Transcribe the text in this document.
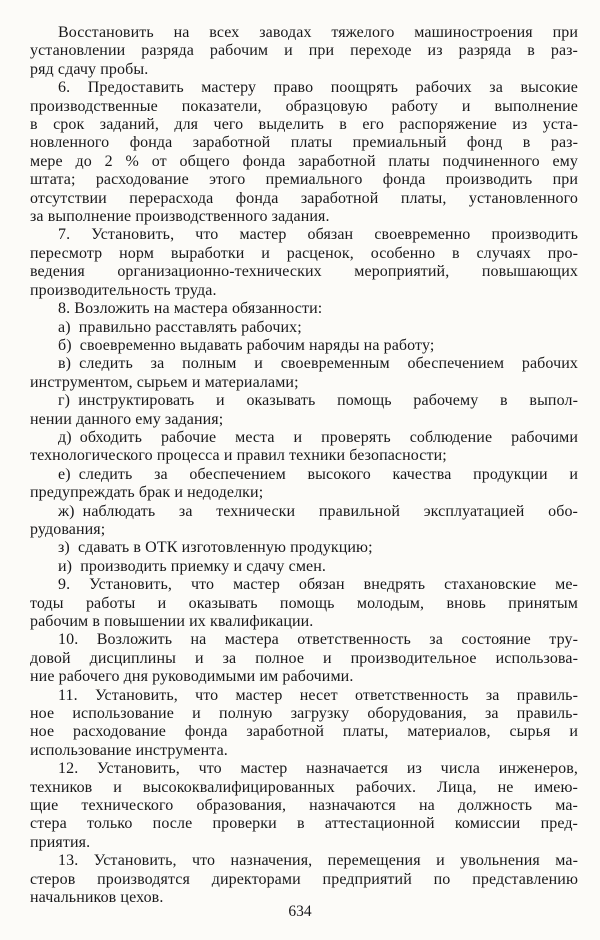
Восстановить на всех заводах тяжелого машиностроения при
установлении разряда рабочим и при переходе из разряда в раз-
ряд сдачу пробы.
6. Предоставить мастеру право поощрять рабочих за высокие
производственные показатели, образцовую работу и выполнение
в срок заданий, для чего выделить в его распоряжение из уста-
новленного фонда заработной платы премиальный фонд в раз-
мере до 2 % от общего фонда заработной платы подчиненного ему
штата; расходование этого премиального фонда производить при
отсутствии перерасхода фонда заработной платы, установленного
за выполнение производственного задания.
7. Установить, что мастер обязан своевременно производить
пересмотр норм выработки и расценок, особенно в случаях про-
ведения организационно-технических мероприятий, повышающих
производительность труда.
8. Возложить на мастера обязанности:
а) правильно расставлять рабочих;
б) своевременно выдавать рабочим наряды на работу;
в) следить за полным и своевременным обеспечением рабочих
инструментом, сырьем и материалами;
г) инструктировать и оказывать помощь рабочему в выпол-
нении данного ему задания;
д) обходить рабочие места и проверять соблюдение рабочими
технологического процесса и правил техники безопасности;
е) следить за обеспечением высокого качества продукции и
предупреждать брак и недоделки;
ж) наблюдать за технически правильной эксплуатацией обо-
рудования;
з) сдавать в ОТК изготовленную продукцию;
и) производить приемку и сдачу смен.
9. Установить, что мастер обязан внедрять стахановские ме-
тоды работы и оказывать помощь молодым, вновь принятым
рабочим в повышении их квалификации.
10. Возложить на мастера ответственность за состояние тру-
довой дисциплины и за полное и производительное использова-
ние рабочего дня руководимыми им рабочими.
11. Установить, что мастер несет ответственность за правиль-
ное использование и полную загрузку оборудования, за правиль-
ное расходование фонда заработной платы, материалов, сырья и
использование инструмента.
12. Установить, что мастер назначается из числа инженеров,
техников и высококвалифицированных рабочих. Лица, не имею-
щие технического образования, назначаются на должность ма-
стера только после проверки в аттестационной комиссии пред-
приятия.
13. Установить, что назначения, перемещения и увольнения ма-
стеров производятся директорами предприятий по представлению
начальников цехов.
634
